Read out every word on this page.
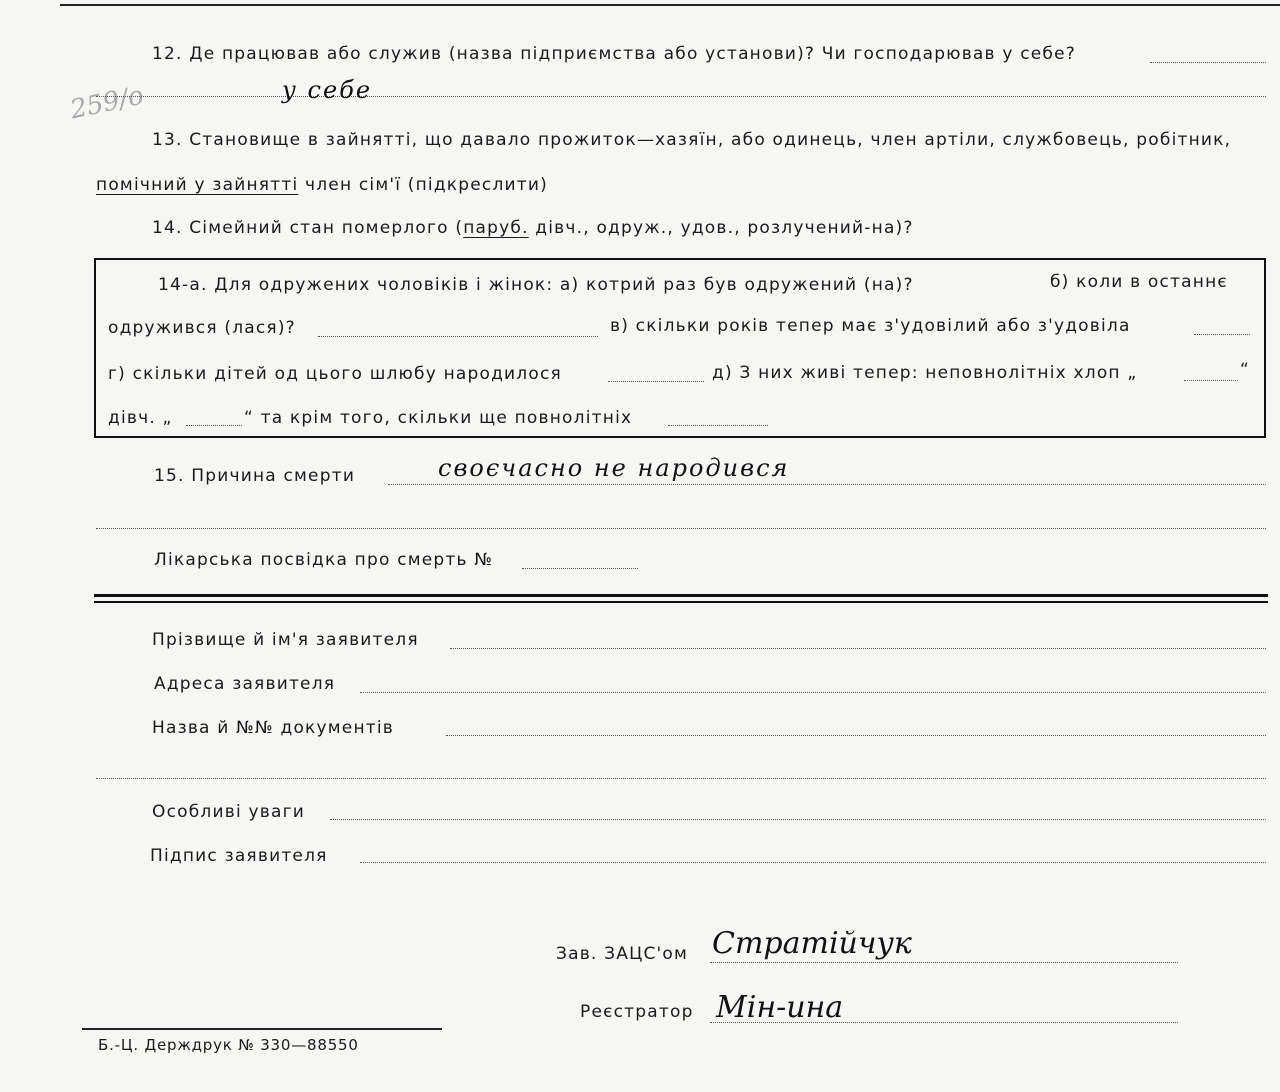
259/о
12. Де працював або служив (назва підприємства або установи)? Чи господарював у себе?
у себе
13. Становище в зайнятті, що давало прожиток—хазяїн, або одинець, член артіли, службовець, робітник,
помічний у зайнятті член сім'ї (підкреслити)
14. Сімейний стан померлого (паруб. дівч., одруж., удов., розлучений-на)?
14-а. Для одружених чоловіків і жінок: а) котрий раз був одружений (на)?	б) коли в останнє
одружився (лася)?	в) скільки років тепер має з'удовілий або з'удовіла
г) скільки дітей од цього шлюбу народилося	д) З них живі тепер: неповнолітніх хлоп „	“
дівч. „	“ та крім того, скільки ще повнолітніх
15. Причина смерти	своєчасно не народився
Лікарська посвідка про смерть №
Прізвище й ім'я заявителя
Адреса заявителя
Назва й №№ документів
Особливі уваги
Підпис заявителя
Зав. ЗАЦС'ом Стратійчук
Реєстратор Мін-ина
Б.-Ц. Держдрук № 330—88550
